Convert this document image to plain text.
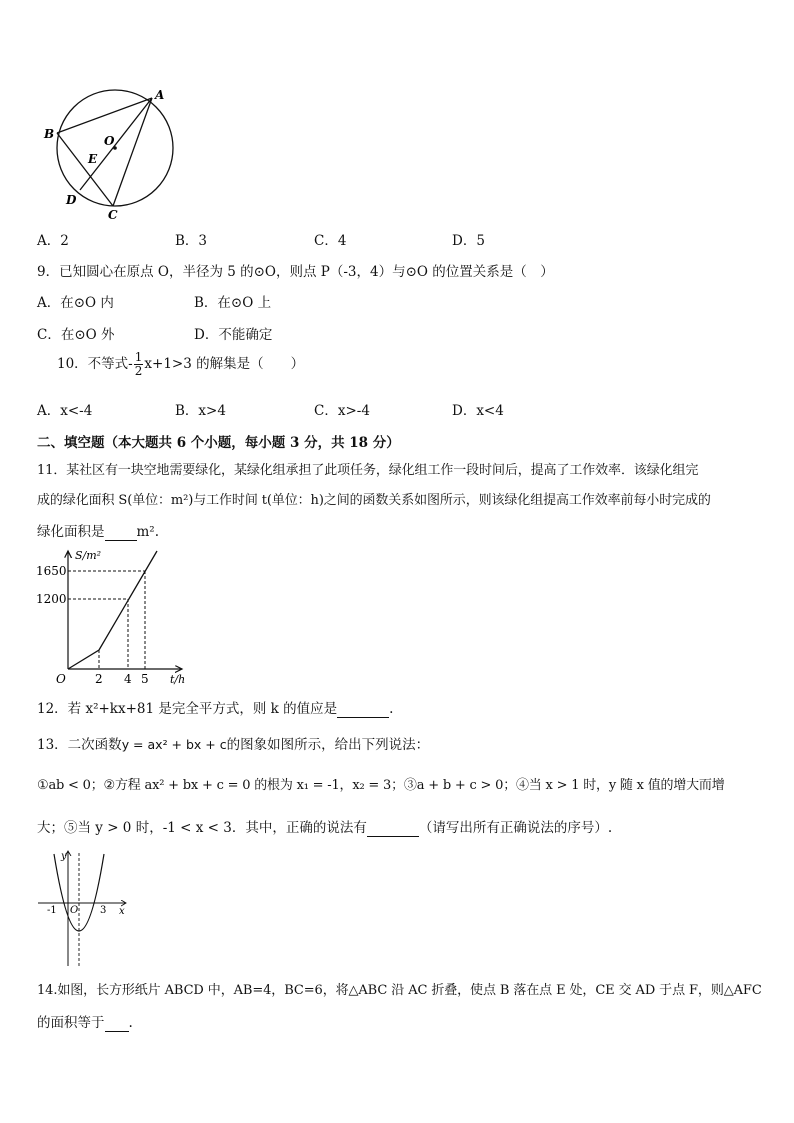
A
B
C
D
E
O
A．2	B．3	C．4	D．5
9．已知圆心在原点 O，半径为 5 的⊙O，则点 P（-3，4）与⊙O 的位置关系是（　）
A．在⊙O 内	B．在⊙O 上
C．在⊙O 外	D．不能确定
10．不等式- $\frac{1}{2} x+1>3$ 的解集是（　　）
A．x<-4	B．x>4	C．x>-4	D．x<4
二、填空题（本大题共 6 个小题，每小题 3 分，共 18 分）
11．某社区有一块空地需要绿化，某绿化组承担了此项任务，绿化组工作一段时间后，提高了工作效率．该绿化组完
成的绿化面积 S(单位：m²)与工作时间 t(单位：h)之间的函数关系如图所示，则该绿化组提高工作效率前每小时完成的
绿化面积是 m².
S/m²
t/h
O
1650
1200
2 4 5
12．若 x²+kx+81 是完全平方式，则 k 的值应是	.
13．二次函数y = ax² + bx + c的图象如图所示，给出下列说法：
①ab < 0；②方程 ax² + bx + c = 0 的根为 x₁ = -1，x₂ = 3；③a + b + c > 0；④当 x > 1 时，y 随 x 值的增大而增
大；⑤当 y > 0 时，-1 < x < 3．其中，正确的说法有	（请写出所有正确说法的序号）.
y
x
-1 O 3
14.如图，长方形纸片 ABCD 中，AB=4，BC=6，将△ABC 沿 AC 折叠，使点 B 落在点 E 处，CE 交 AD 于点 F，则△AFC
的面积等于 .
